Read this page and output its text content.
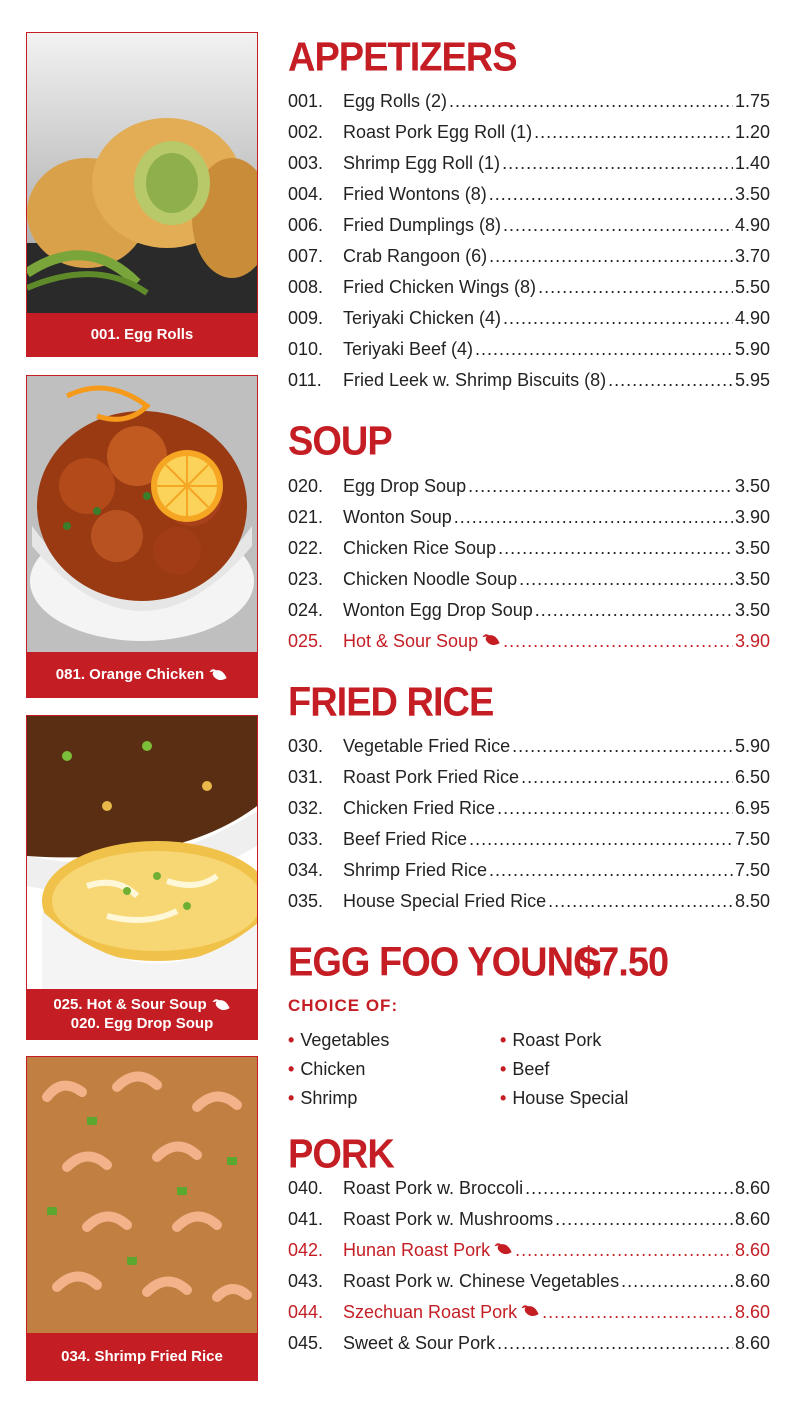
001. Egg Rolls
081. Orange Chicken
025. Hot & Sour Soup
020. Egg Drop Soup
034. Shrimp Fried Rice
APPETIZERS
001.	Egg Rolls (2) .....	1.75
002.	Roast Pork Egg Roll (1) .....	1.20
003.	Shrimp Egg Roll (1) .....	1.40
004.	Fried Wontons (8) .....	3.50
006.	Fried Dumplings (8) .....	4.90
007.	Crab Rangoon (6) .....	3.70
008.	Fried Chicken Wings (8) .....	5.50
009.	Teriyaki Chicken (4) .....	4.90
010.	Teriyaki Beef (4) .....	5.90
011.	Fried Leek w. Shrimp Biscuits (8) .....	5.95
SOUP
020.	Egg Drop Soup .....	3.50
021.	Wonton Soup .....	3.90
022.	Chicken Rice Soup .....	3.50
023.	Chicken Noodle Soup .....	3.50
024.	Wonton Egg Drop Soup .....	3.50
025.	Hot & Sour Soup .....	3.90
FRIED RICE
030.	Vegetable Fried Rice .....	5.90
031.	Roast Pork Fried Rice .....	6.50
032.	Chicken Fried Rice .....	6.95
033.	Beef Fried Rice .....	7.50
034.	Shrimp Fried Rice .....	7.50
035.	House Special Fried Rice .....	8.50
EGG FOO YOUNG
$7.50
CHOICE OF:
• Vegetables
• Chicken
• Shrimp
• Roast Pork
• Beef
• House Special
PORK
040.	Roast Pork w. Broccoli .....	8.60
041.	Roast Pork w. Mushrooms .....	8.60
042.	Hunan Roast Pork .....	8.60
043.	Roast Pork w. Chinese Vegetables .....	8.60
044.	Szechuan Roast Pork .....	8.60
045.	Sweet & Sour Pork .....	8.60
